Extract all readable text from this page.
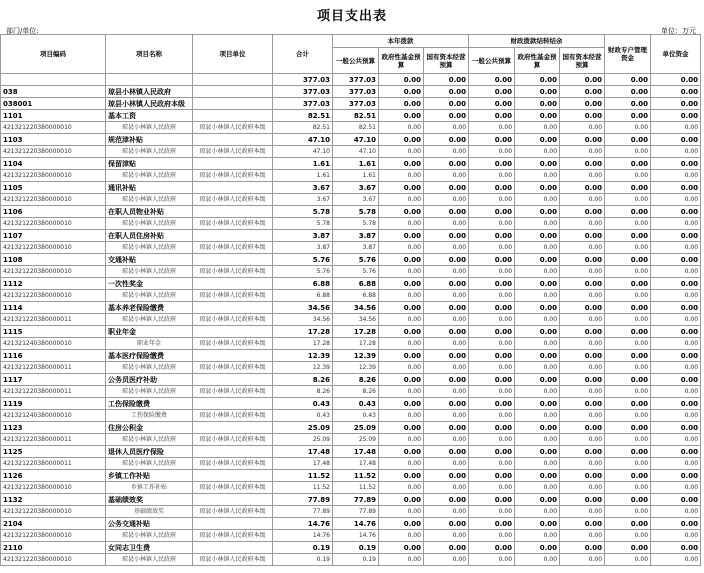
项目支出表
部门/单位:	单位：万元
项目编码	项目名称	项目单位	合计	本年拨款			财政拨款结转结余			财政专户管理资金	单位资金
				一般公共预算	政府性基金预算	国有资本经营预算	一般公共预算	政府性基金预算	国有资本经营预算		
			377.03	377.03	0.00	0.00	0.00	0.00	0.00	0.00	0.00
038	琼县小林镇人民政府		377.03	377.03	0.00	0.00	0.00	0.00	0.00	0.00	0.00
038001	琼县小林镇人民政府本级		377.03	377.03	0.00	0.00	0.00	0.00	0.00	0.00	0.00
1101	基本工资		82.51	82.51	0.00	0.00	0.00	0.00	0.00	0.00	0.00
421321220380000010	琼县小林镇人民政府	琼县小林镇人民政府本级	82.51	82.51	0.00	0.00	0.00	0.00	0.00	0.00	0.00
1103	规范津补贴		47.10	47.10	0.00	0.00	0.00	0.00	0.00	0.00	0.00
421321220380000010	琼县小林镇人民政府	琼县小林镇人民政府本级	47.10	47.10	0.00	0.00	0.00	0.00	0.00	0.00	0.00
1104	保留津贴		1.61	1.61	0.00	0.00	0.00	0.00	0.00	0.00	0.00
421321220380000010	琼县小林镇人民政府	琼县小林镇人民政府本级	1.61	1.61	0.00	0.00	0.00	0.00	0.00	0.00	0.00
1105	通讯补贴		3.67	3.67	0.00	0.00	0.00	0.00	0.00	0.00	0.00
421321220380000010	琼县小林镇人民政府	琼县小林镇人民政府本级	3.67	3.67	0.00	0.00	0.00	0.00	0.00	0.00	0.00
1106	在职人员物业补贴		5.78	5.78	0.00	0.00	0.00	0.00	0.00	0.00	0.00
421321220380000010	琼县小林镇人民政府	琼县小林镇人民政府本级	5.78	5.78	0.00	0.00	0.00	0.00	0.00	0.00	0.00
1107	在职人员住房补贴		3.87	3.87	0.00	0.00	0.00	0.00	0.00	0.00	0.00
421321220380000010	琼县小林镇人民政府	琼县小林镇人民政府本级	3.87	3.87	0.00	0.00	0.00	0.00	0.00	0.00	0.00
1108	交通补贴		5.76	5.76	0.00	0.00	0.00	0.00	0.00	0.00	0.00
421321220380000010	琼县小林镇人民政府	琼县小林镇人民政府本级	5.76	5.76	0.00	0.00	0.00	0.00	0.00	0.00	0.00
1112	一次性奖金		6.88	6.88	0.00	0.00	0.00	0.00	0.00	0.00	0.00
421321220380000010	琼县小林镇人民政府	琼县小林镇人民政府本级	6.88	6.88	0.00	0.00	0.00	0.00	0.00	0.00	0.00
1114	基本养老保险缴费		34.56	34.56	0.00	0.00	0.00	0.00	0.00	0.00	0.00
421321220380000011	琼县小林镇人民政府	琼县小林镇人民政府本级	34.56	34.56	0.00	0.00	0.00	0.00	0.00	0.00	0.00
1115	职业年金		17.28	17.28	0.00	0.00	0.00	0.00	0.00	0.00	0.00
421321240380000010	职业年金	琼县小林镇人民政府本级	17.28	17.28	0.00	0.00	0.00	0.00	0.00	0.00	0.00
1116	基本医疗保险缴费		12.39	12.39	0.00	0.00	0.00	0.00	0.00	0.00	0.00
421321220380000011	琼县小林镇人民政府	琼县小林镇人民政府本级	12.39	12.39	0.00	0.00	0.00	0.00	0.00	0.00	0.00
1117	公务员医疗补助		8.26	8.26	0.00	0.00	0.00	0.00	0.00	0.00	0.00
421321220380000011	琼县小林镇人民政府	琼县小林镇人民政府本级	8.26	8.26	0.00	0.00	0.00	0.00	0.00	0.00	0.00
1119	工伤保险缴费		0.43	0.43	0.00	0.00	0.00	0.00	0.00	0.00	0.00
421321240380000010	工伤保险缴费	琼县小林镇人民政府本级	0.43	0.43	0.00	0.00	0.00	0.00	0.00	0.00	0.00
1123	住房公积金		25.09	25.09	0.00	0.00	0.00	0.00	0.00	0.00	0.00
421321220380000011	琼县小林镇人民政府	琼县小林镇人民政府本级	25.09	25.09	0.00	0.00	0.00	0.00	0.00	0.00	0.00
1125	退休人员医疗保险		17.48	17.48	0.00	0.00	0.00	0.00	0.00	0.00	0.00
421321220380000011	琼县小林镇人民政府	琼县小林镇人民政府本级	17.48	17.48	0.00	0.00	0.00	0.00	0.00	0.00	0.00
1126	乡镇工作补贴		11.52	11.52	0.00	0.00	0.00	0.00	0.00	0.00	0.00
421321220380000010	乡镇工作补贴	琼县小林镇人民政府本级	11.52	11.52	0.00	0.00	0.00	0.00	0.00	0.00	0.00
1132	基础绩效奖		77.89	77.89	0.00	0.00	0.00	0.00	0.00	0.00	0.00
421321220380000010	基础绩效奖	琼县小林镇人民政府本级	77.89	77.89	0.00	0.00	0.00	0.00	0.00	0.00	0.00
2104	公务交通补贴		14.76	14.76	0.00	0.00	0.00	0.00	0.00	0.00	0.00
421321220380000010	琼县小林镇人民政府	琼县小林镇人民政府本级	14.76	14.76	0.00	0.00	0.00	0.00	0.00	0.00	0.00
2110	女同志卫生费		0.19	0.19	0.00	0.00	0.00	0.00	0.00	0.00	0.00
421321220380000010	琼县小林镇人民政府	琼县小林镇人民政府本级	0.19	0.19	0.00	0.00	0.00	0.00	0.00	0.00	0.00
